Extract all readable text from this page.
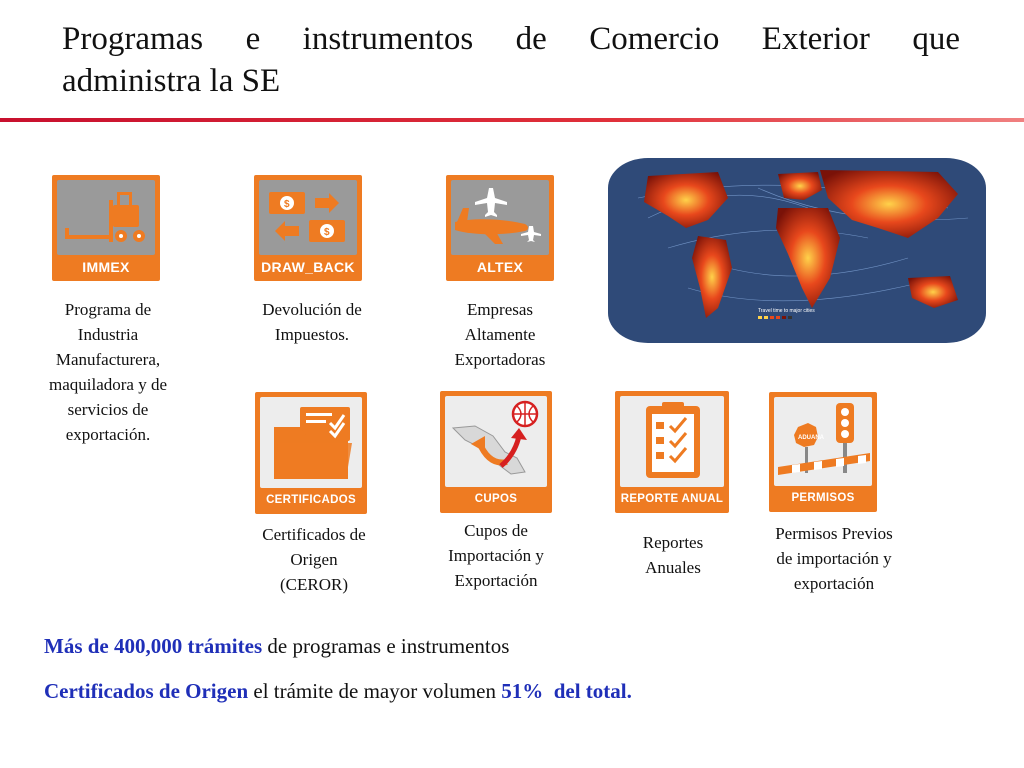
Programas e instrumentos de Comercio Exterior que
administra la SE
IMMEX
Programa de
Industria
Manufacturera,
maquiladora y de
servicios de
exportación.
$
$
DRAW_BACK
Devolución de
Impuestos.
ALTEX
Empresas
Altamente
Exportadoras
Travel time to major cities
CERTIFICADOS
Certificados de
Origen
(CEROR)
CUPOS
Cupos de
Importación y
Exportación
REPORTE ANUAL
Reportes
Anuales
ADUANA
PERMISOS
Permisos Previos
de importación y
exportación
Más de 400,000 trámites de programas e instrumentos
Certificados de Origen el trámite de mayor volumen 51% del total.
